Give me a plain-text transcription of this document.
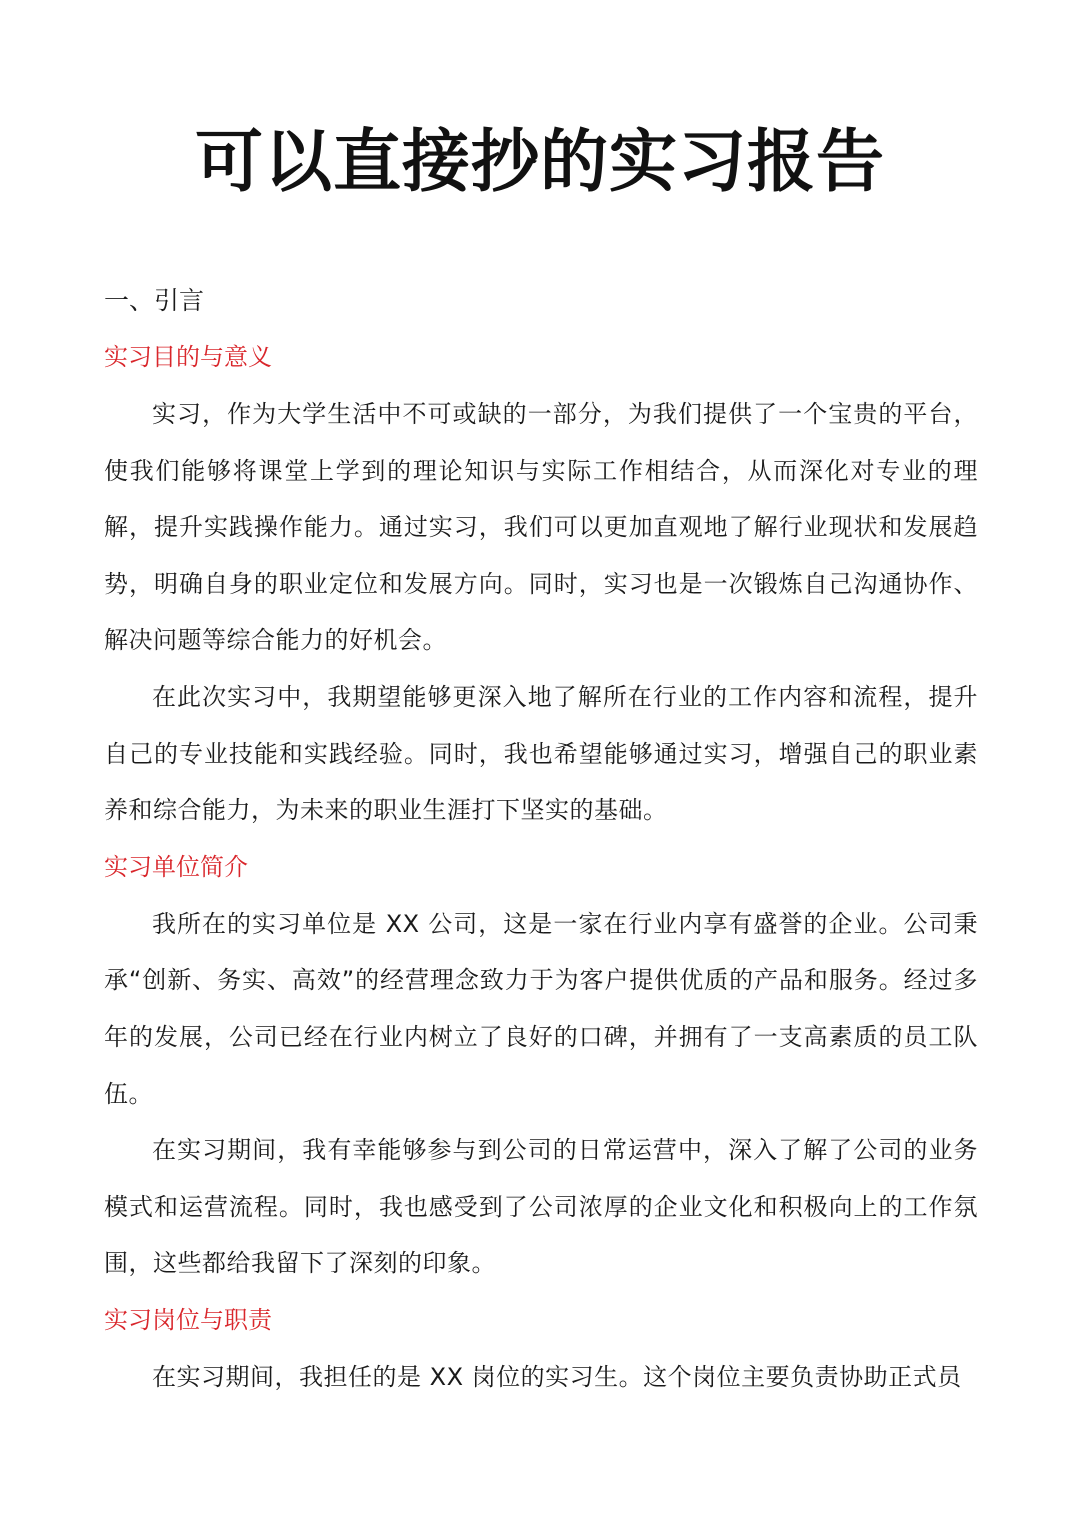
可以直接抄的实习报告
一、引言
实习目的与意义

实习，作为大学生活中不可或缺的一部分，为我们提供了一个宝贵的平台，使我们能够将课堂上学到的理论知识与实际工作相结合，从而深化对专业的理解，提升实践操作能力。通过实习，我们可以更加直观地了解行业现状和发展趋势，明确自身的职业定位和发展方向。同时，实习也是一次锻炼自己沟通协作、解决问题等综合能力的好机会。

在此次实习中，我期望能够更深入地了解所在行业的工作内容和流程，提升自己的专业技能和实践经验。同时，我也希望能够通过实习，增强自己的职业素养和综合能力，为未来的职业生涯打下坚实的基础。

实习单位简介

我所在的实习单位是 XX 公司，这是一家在行业内享有盛誉的企业。公司秉承“创新、务实、高效”的经营理念致力于为客户提供优质的产品和服务。经过多年的发展，公司已经在行业内树立了良好的口碑，并拥有了一支高素质的员工队伍。

在实习期间，我有幸能够参与到公司的日常运营中，深入了解了公司的业务模式和运营流程。同时，我也感受到了公司浓厚的企业文化和积极向上的工作氛围，这些都给我留下了深刻的印象。

实习岗位与职责

在实习期间，我担任的是 XX 岗位的实习生。这个岗位主要负责协助正式员
